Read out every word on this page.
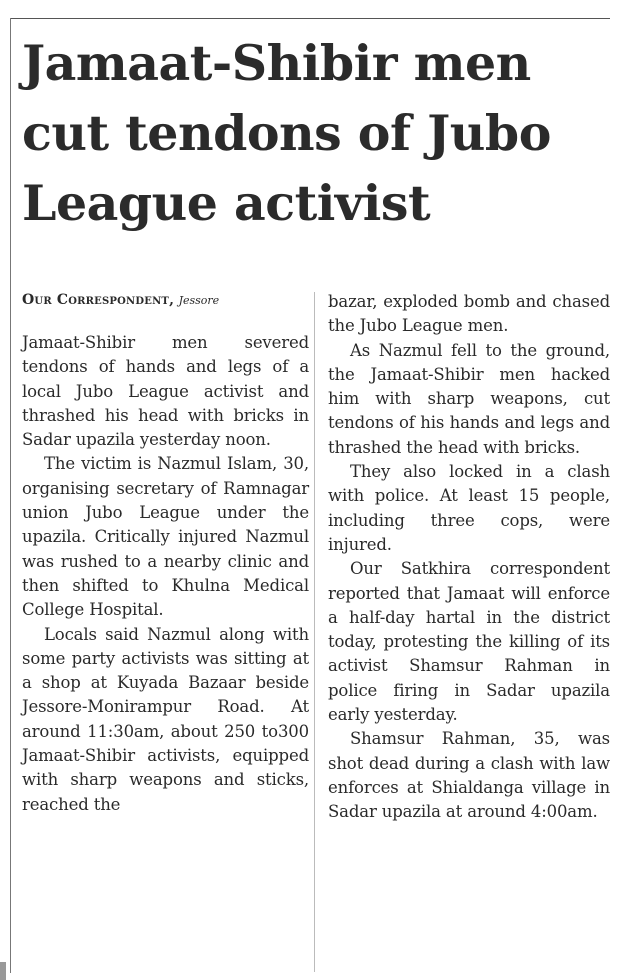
Jamaat-Shibir men cut tendons of Jubo League activist
Our Correspondent, Jessore

Jamaat-Shibir men severed tendons of hands and legs of a local Jubo League activist and thrashed his head with bricks in Sadar upazila yesterday noon.

The victim is Nazmul Islam, 30, organising secretary of Ramnagar union Jubo League under the upazila. Critically injured Nazmul was rushed to a nearby clinic and then shifted to Khulna Medical College Hospital.

Locals said Nazmul along with some party activists was sitting at a shop at Kuyada Bazaar beside Jessore-Monirampur Road. At around 11:30am, about 250 to300 Jamaat-Shibir activists, equipped with sharp weapons and sticks, reached the

bazar, exploded bomb and chased the Jubo League men.

As Nazmul fell to the ground, the Jamaat-Shibir men hacked him with sharp weapons, cut tendons of his hands and legs and thrashed the head with bricks.

They also locked in a clash with police. At least 15 people, including three cops, were injured.

Our Satkhira correspondent reported that Jamaat will enforce a half-day hartal in the district today, protesting the killing of its activist Shamsur Rahman in police firing in Sadar upazila early yesterday.

Shamsur Rahman, 35, was shot dead during a clash with law enforces at Shialdanga village in Sadar upazila at around 4:00am.
